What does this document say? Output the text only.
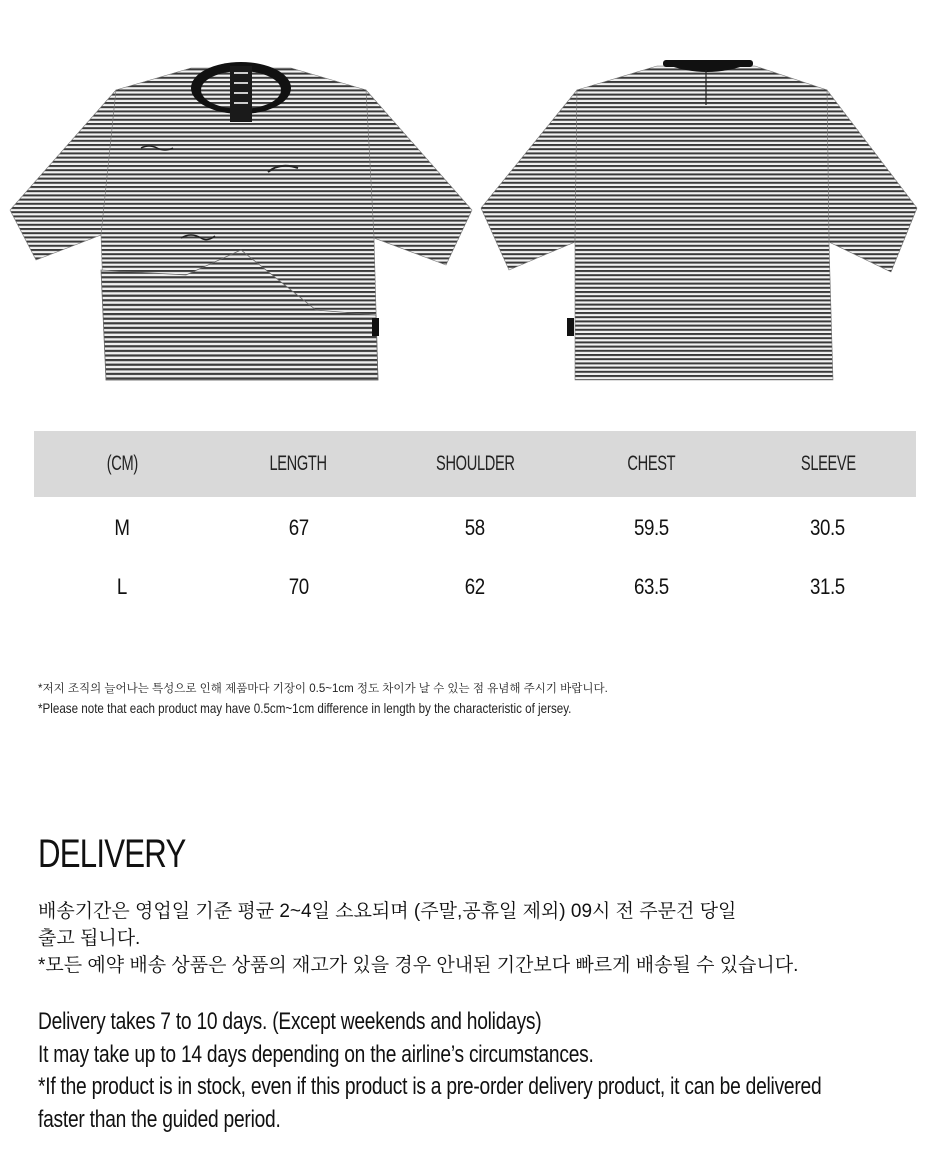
(CM)	LENGTH	SHOULDER	CHEST	SLEEVE
M	67	58	59.5	30.5
L	70	62	63.5	31.5
*저지 조직의 늘어나는 특성으로 인해 제품마다 기장이 0.5~1cm 정도 차이가 날 수 있는 점 유념해 주시기 바랍니다.
*Please note that each product may have 0.5cm~1cm difference in length by the characteristic of jersey.
DELIVERY
배송기간은 영업일 기준 평균 2~4일 소요되며 (주말,공휴일 제외) 09시 전 주문건 당일
출고 됩니다.
*모든 예약 배송 상품은 상품의 재고가 있을 경우 안내된 기간보다 빠르게 배송될 수 있습니다.
Delivery takes 7 to 10 days. (Except weekends and holidays)
It may take up to 14 days depending on the airline’s circumstances.
*If the product is in stock, even if this product is a pre-order delivery product, it can be delivered
faster than the guided period.
